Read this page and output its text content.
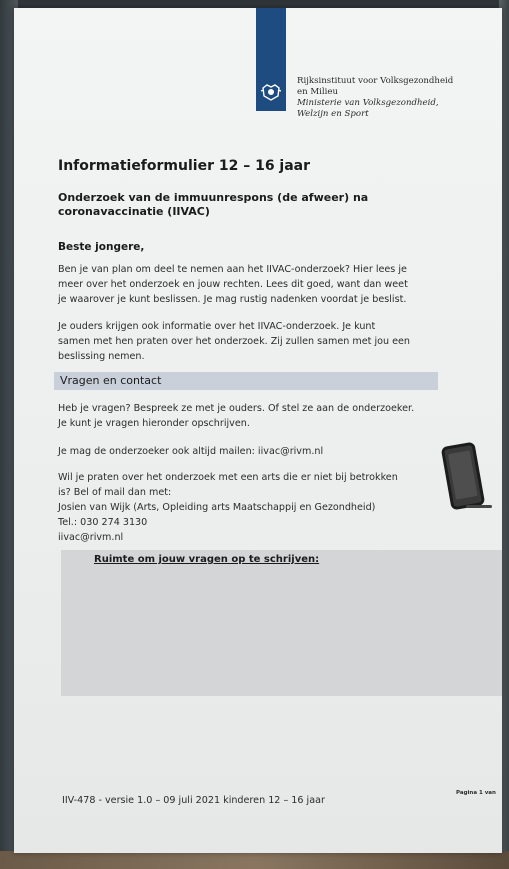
Rijksinstituut voor Volksgezondheid
en Milieu
Ministerie van Volksgezondheid,
Welzijn en Sport
Informatieformulier 12 – 16 jaar
Onderzoek van de immuunrespons (de afweer) na coronavaccinatie (IIVAC)
Beste jongere,
Ben je van plan om deel te nemen aan het IIVAC-onderzoek? Hier lees je
meer over het onderzoek en jouw rechten. Lees dit goed, want dan weet
je waarover je kunt beslissen. Je mag rustig nadenken voordat je beslist.
Je ouders krijgen ook informatie over het IIVAC-onderzoek. Je kunt
samen met hen praten over het onderzoek. Zij zullen samen met jou een
beslissing nemen.
Vragen en contact
Heb je vragen? Bespreek ze met je ouders. Of stel ze aan de onderzoeker.
Je kunt je vragen hieronder opschrijven.
Je mag de onderzoeker ook altijd mailen: iivac@rivm.nl
Wil je praten over het onderzoek met een arts die er niet bij betrokken
is? Bel of mail dan met:
Josien van Wijk (Arts, Opleiding arts Maatschappij en Gezondheid)
Tel.: 030 274 3130
iivac@rivm.nl
Ruimte om jouw vragen op te schrijven:
IIV-478 - versie 1.0 – 09 juli 2021 kinderen 12 – 16 jaar
Pagina 1 van
